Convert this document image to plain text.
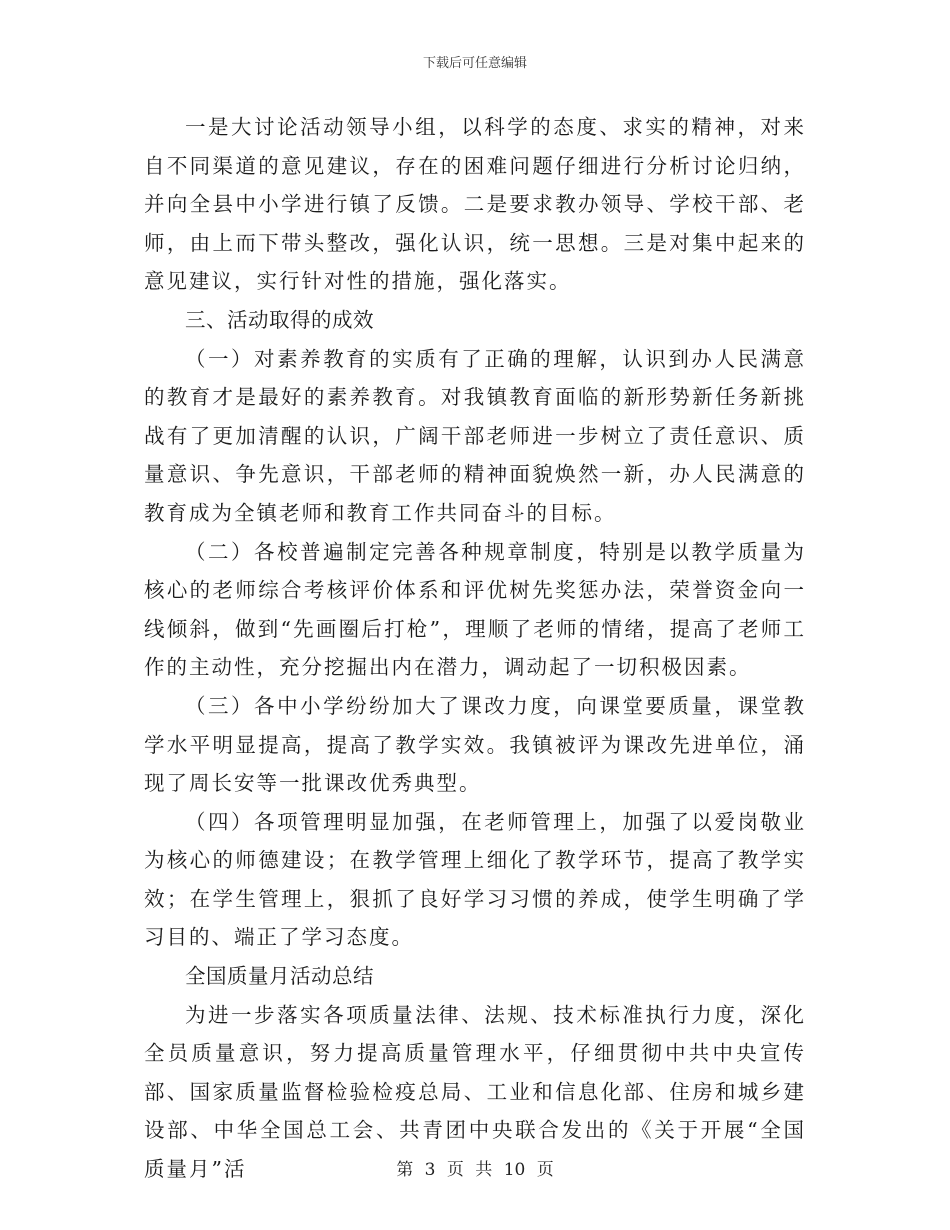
下载后可任意编辑

一是大讨论活动领导小组，以科学的态度、求实的精神，对来自不同渠道的意见建议，存在的困难问题仔细进行分析讨论归纳，并向全县中小学进行镇了反馈。二是要求教办领导、学校干部、老师，由上而下带头整改，强化认识，统一思想。三是对集中起来的意见建议，实行针对性的措施，强化落实。

三、活动取得的成效

（一）对素养教育的实质有了正确的理解，认识到办人民满意的教育才是最好的素养教育。对我镇教育面临的新形势新任务新挑战有了更加清醒的认识，广阔干部老师进一步树立了责任意识、质量意识、争先意识，干部老师的精神面貌焕然一新，办人民满意的教育成为全镇老师和教育工作共同奋斗的目标。

（二）各校普遍制定完善各种规章制度，特别是以教学质量为核心的老师综合考核评价体系和评优树先奖惩办法，荣誉资金向一线倾斜，做到“先画圈后打枪”，理顺了老师的情绪，提高了老师工作的主动性，充分挖掘出内在潜力，调动起了一切积极因素。

（三）各中小学纷纷加大了课改力度，向课堂要质量，课堂教学水平明显提高，提高了教学实效。我镇被评为课改先进单位，涌现了周长安等一批课改优秀典型。

（四）各项管理明显加强，在老师管理上，加强了以爱岗敬业为核心的师德建设；在教学管理上细化了教学环节，提高了教学实效；在学生管理上，狠抓了良好学习习惯的养成，使学生明确了学习目的、端正了学习态度。

全国质量月活动总结

为进一步落实各项质量法律、法规、技术标准执行力度，深化全员质量意识，努力提高质量管理水平，仔细贯彻中共中央宣传部、国家质量监督检验检疫总局、工业和信息化部、住房和城乡建设部、中华全国总工会、共青团中央联合发出的《关于开展“全国质量月”活	第 3 页 共 10 页
